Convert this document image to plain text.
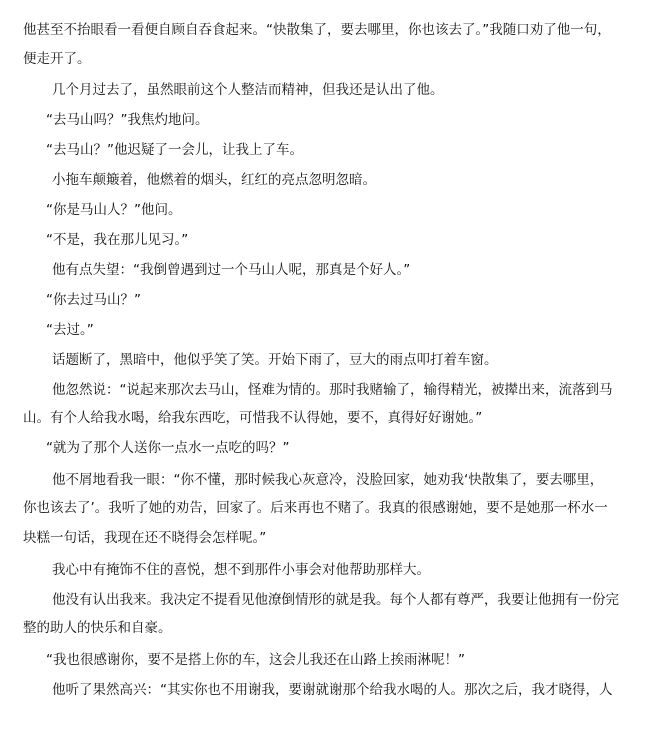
他甚至不抬眼看一看便自顾自吞食起来。“快散集了，要去哪里，你也该去了。”我随口劝了他一句，
便走开了。
几个月过去了，虽然眼前这个人整洁而精神，但我还是认出了他。
“去马山吗？”我焦灼地问。
“去马山？”他迟疑了一会儿，让我上了车。
小拖车颠簸着，他燃着的烟头，红红的亮点忽明忽暗。
“你是马山人？”他问。
“不是，我在那儿见习。”
他有点失望：“我倒曾遇到过一个马山人呢，那真是个好人。”
“你去过马山？”
“去过。”
话题断了，黑暗中，他似乎笑了笑。开始下雨了，豆大的雨点叩打着车窗。
他忽然说：“说起来那次去马山，怪难为情的。那时我赌输了，输得精光，被撵出来，流落到马
山。有个人给我水喝，给我东西吃，可惜我不认得她，要不，真得好好谢她。”
“就为了那个人送你一点水一点吃的吗？”
他不屑地看我一眼：“你不懂，那时候我心灰意冷，没脸回家，她劝我‘快散集了，要去哪里，
你也该去了’。我听了她的劝告，回家了。后来再也不赌了。我真的很感谢她，要不是她那一杯水一
块糕一句话，我现在还不晓得会怎样呢。”
我心中有掩饰不住的喜悦，想不到那件小事会对他帮助那样大。
他没有认出我来。我决定不提看见他潦倒情形的就是我。每个人都有尊严，我要让他拥有一份完
整的助人的快乐和自豪。
“我也很感谢你，要不是搭上你的车，这会儿我还在山路上挨雨淋呢！”
他听了果然高兴：“其实你也不用谢我，要谢就谢那个给我水喝的人。那次之后，我才晓得，人
